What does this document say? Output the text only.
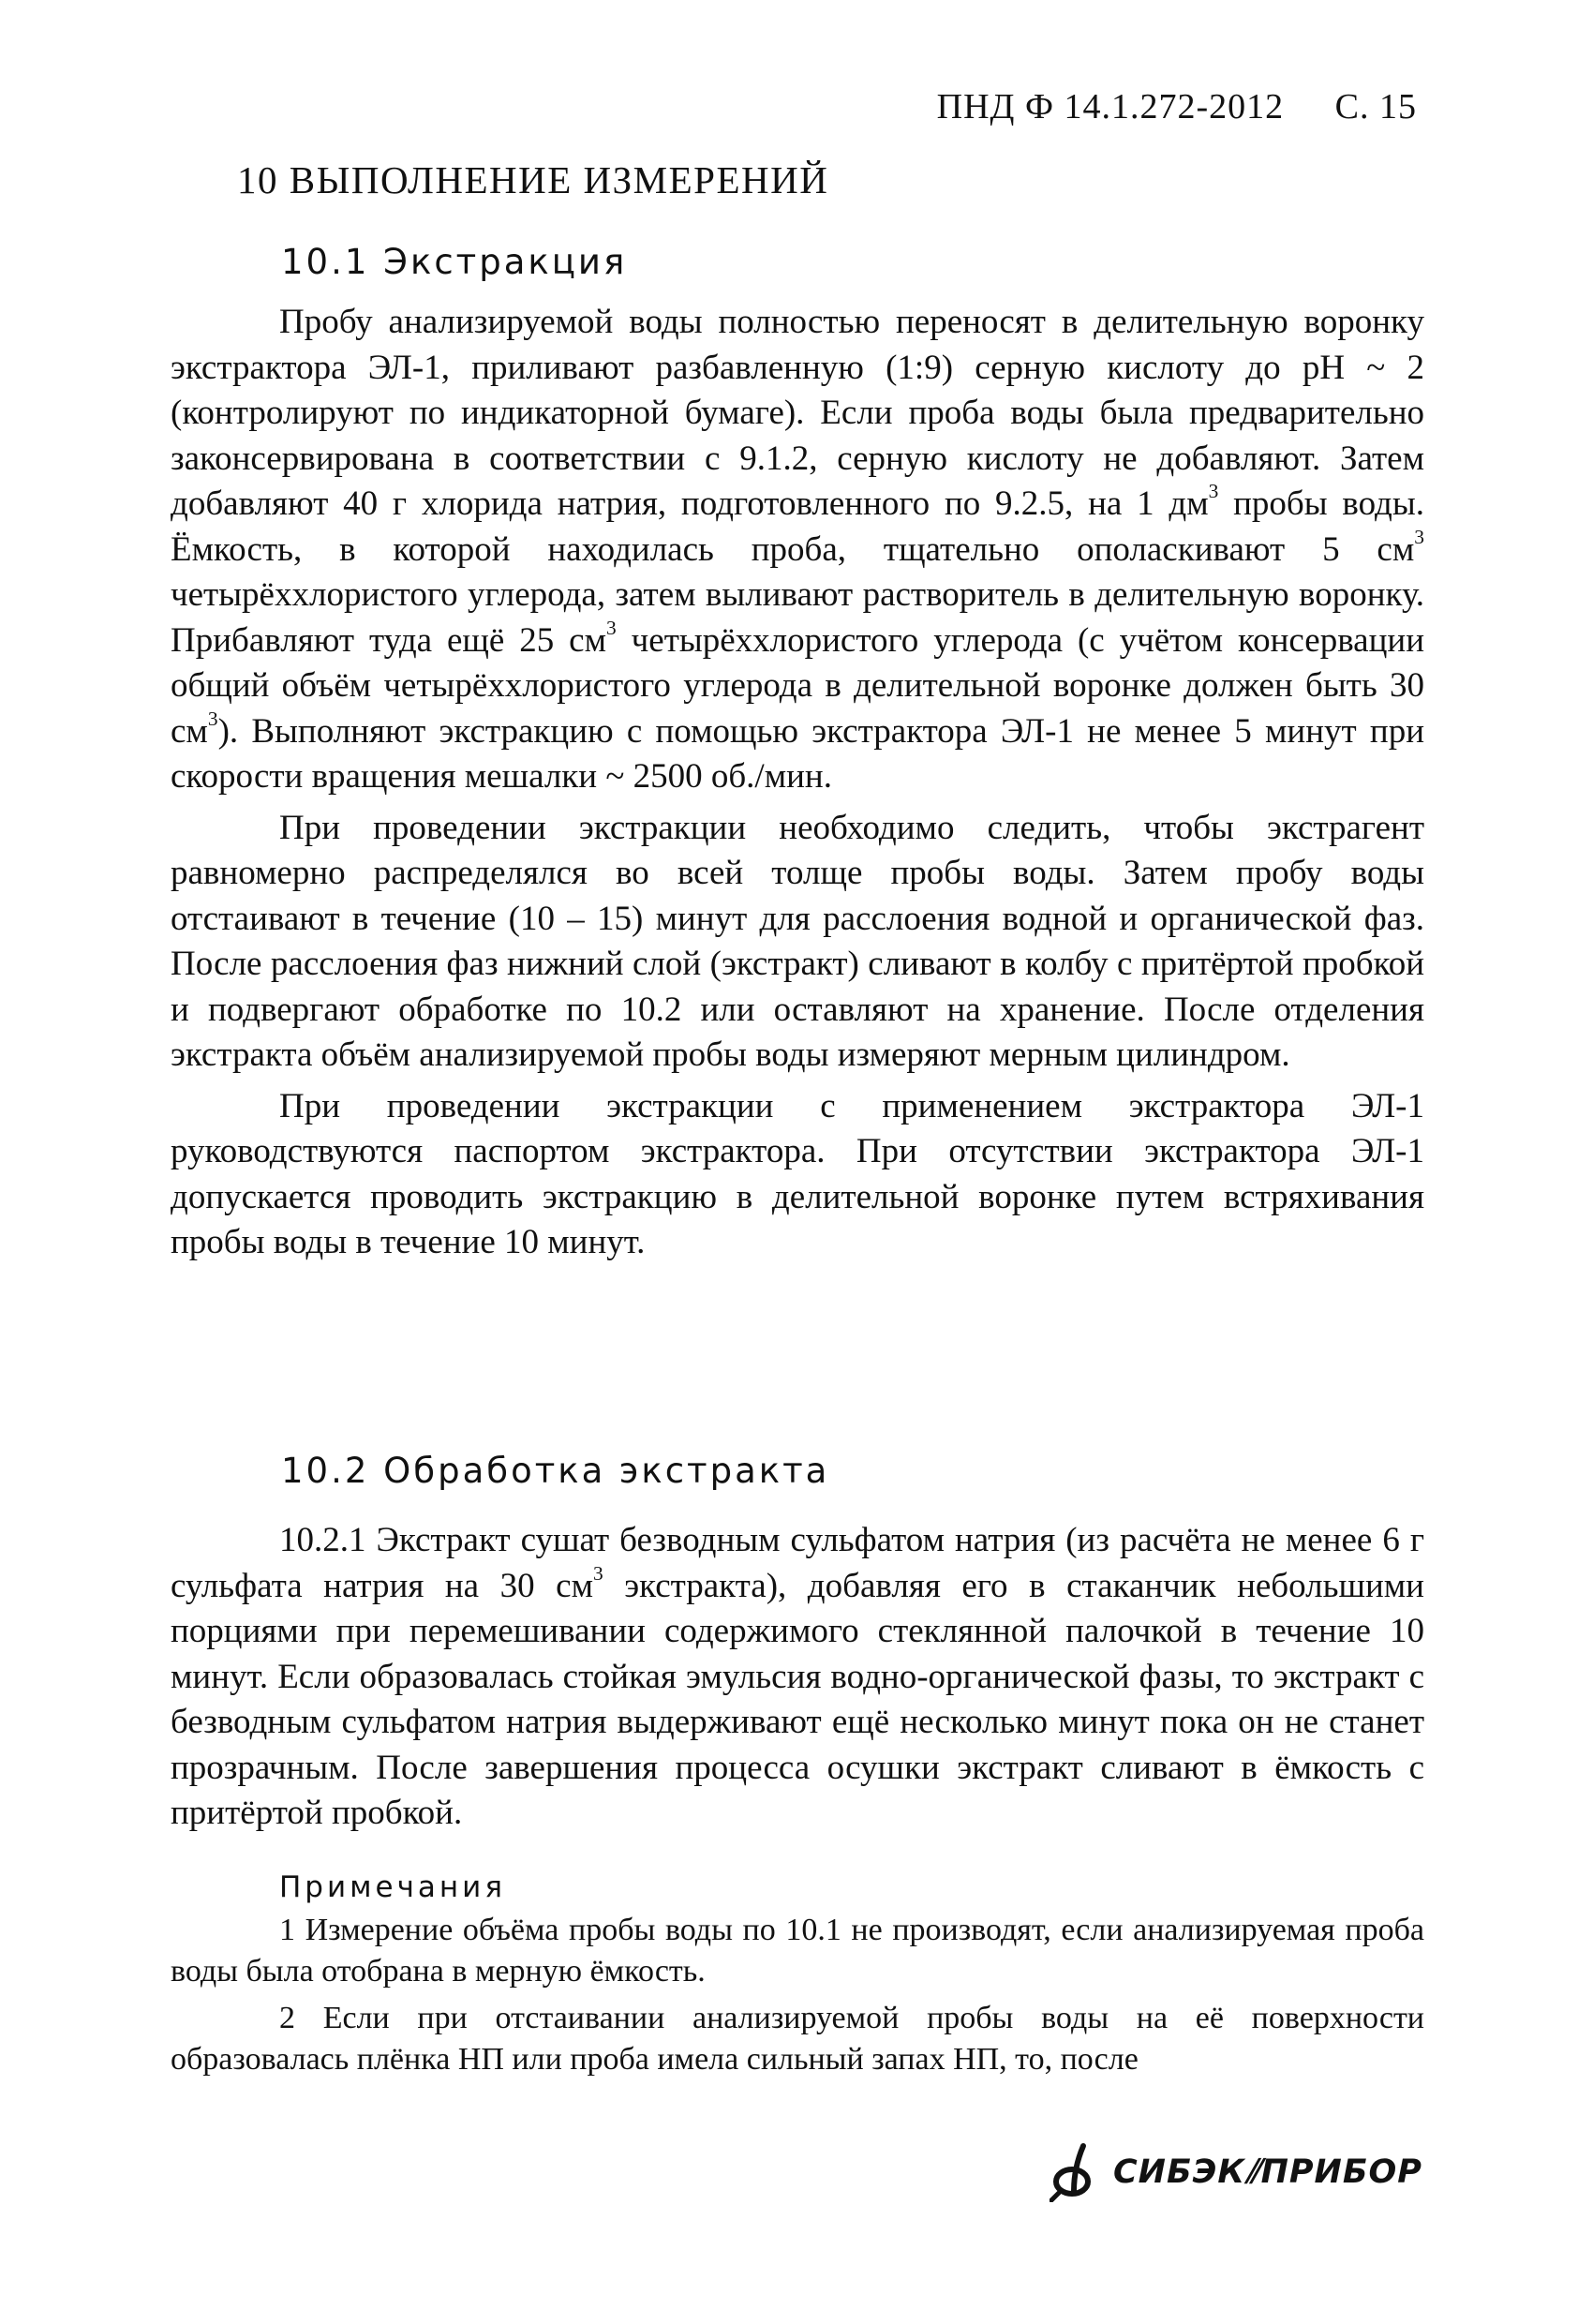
ПНД Ф 14.1.272-2012 С. 15
10 ВЫПОЛНЕНИЕ ИЗМЕРЕНИЙ
10.1 Экстракция

Пробу анализируемой воды полностью переносят в делительную воронку экстрактора ЭЛ-1, приливают разбавленную (1:9) серную кислоту до pH ~ 2 (контролируют по индикаторной бумаге). Если проба воды была предварительно законсервирована в соответствии с 9.1.2, серную кислоту не добавляют. Затем добавляют 40 г хлорида натрия, подготовленного по 9.2.5, на 1 $дм^3$ пробы воды. Ёмкость, в которой находилась проба, тщательно ополаскивают 5 $см^3$ четырёххлористого углерода, затем выливают растворитель в делительную воронку. Прибавляют туда ещё 25 $см^3$ четырёххлористого углерода (с учётом консервации общий объём четырёххлористого углерода в делительной воронке должен быть 30 $см^3$). Выполняют экстракцию с помощью экстрактора ЭЛ-1 не менее 5 минут при скорости вращения мешалки ~ 2500 об./мин.

При проведении экстракции необходимо следить, чтобы экстрагент равномерно распределялся во всей толще пробы воды. Затем пробу воды отстаивают в течение (10 – 15) минут для расслоения водной и органической фаз. После расслоения фаз нижний слой (экстракт) сливают в колбу с притёртой пробкой и подвергают обработке по 10.2 или оставляют на хранение. После отделения экстракта объём анализируемой пробы воды измеряют мерным цилиндром.

При проведении экстракции с применением экстрактора ЭЛ-1 руководствуются паспортом экстрактора. При отсутствии экстрактора ЭЛ-1 допускается проводить экстракцию в делительной воронке путем встряхивания пробы воды в течение 10 минут.

10.2 Обработка экстракта

10.2.1 Экстракт сушат безводным сульфатом натрия (из расчёта не менее 6 г сульфата натрия на 30 $см^3$ экстракта), добавляя его в стаканчик небольшими порциями при перемешивании содержимого стеклянной палочкой в течение 10 минут. Если образовалась стойкая эмульсия водно-органической фазы, то экстракт с безводным сульфатом натрия выдерживают ещё несколько минут пока он не станет прозрачным. После завершения процесса осушки экстракт сливают в ёмкость с притёртой пробкой.

Примечания

1 Измерение объёма пробы воды по 10.1 не производят, если анализируемая проба воды была отобрана в мерную ёмкость.

2 Если при отстаивании анализируемой пробы воды на её поверхности образовалась плёнка НП или проба имела сильный запах НП, то, после

СИБЭК⫽ПРИБОР
